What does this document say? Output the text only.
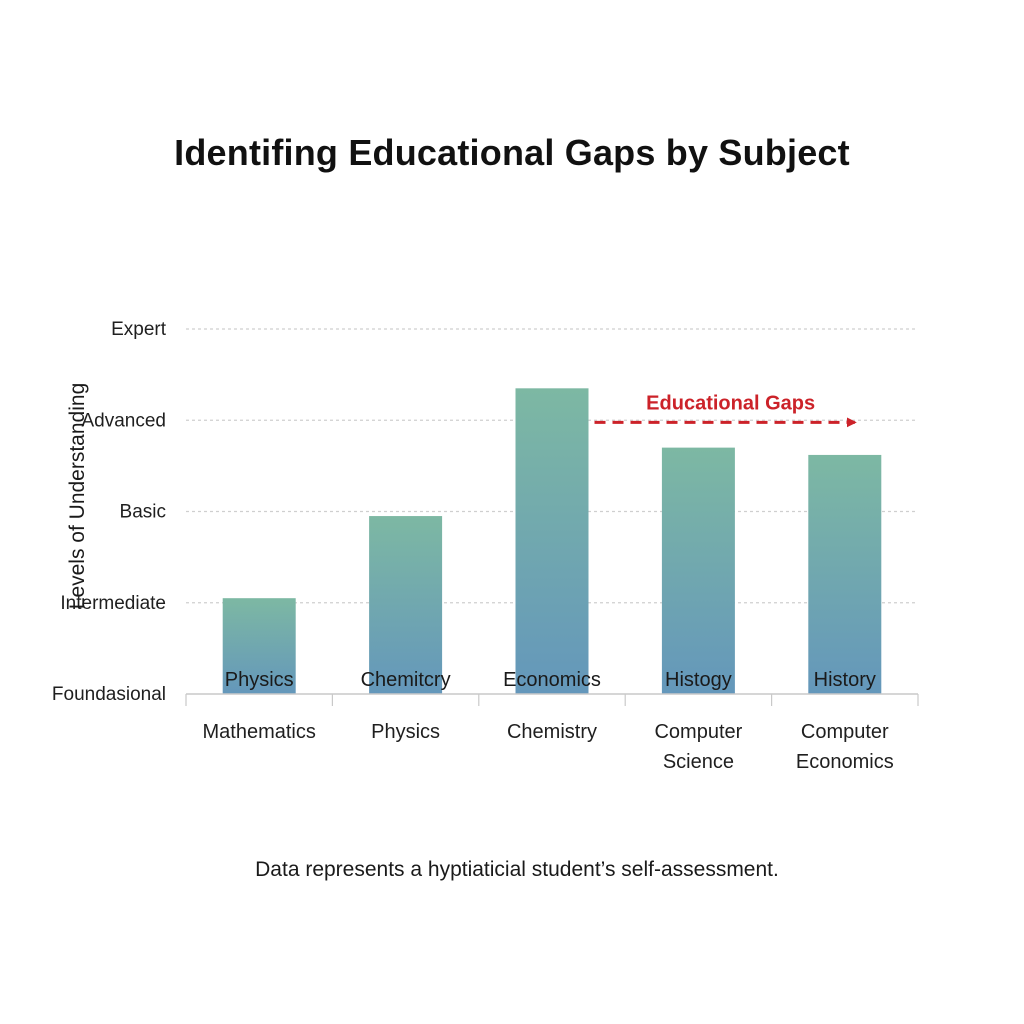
Identifing Educational Gaps by Subject
Physics	Chemitcry	Economics	Histogy	History
Foundasional
Intermediate
Basic
Advanced
Expert
Mathematics	Physics	Chemistry	Computer Science
Computer Economics
Educational Gaps
Levels of Understanding
Data represents a hyptiaticial student’s self-assessment.
